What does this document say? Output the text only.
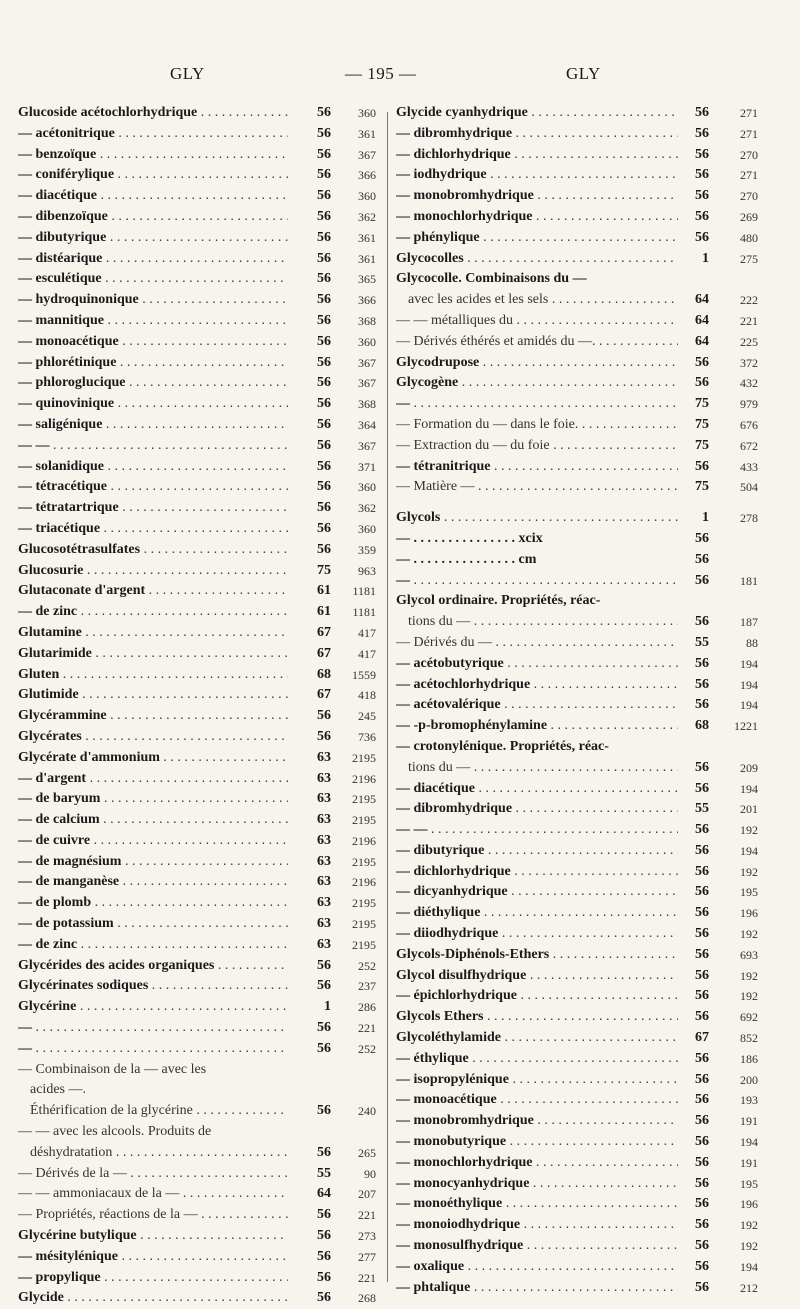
GLY	— 195 —	GLY
Glucoside acétochlorhydrique . . .	56	360
— acétonitrique . . .	56	361
— benzoïque . . .	56	367
— coniférylique . . .	56	366
— diacétique . . .	56	360
— dibenzoïque . . .	56	362
— dibutyrique . . .	56	361
— distéarique . . .	56	361
— esculétique . . .	56	365
— hydroquinonique . . .	56	366
— mannitique . . .	56	368
— monoacétique . . .	56	360
— phlorétinique . . .	56	367
— phloroglucique . . .	56	367
— quinovinique . . .	56	368
— saligénique . . .	56	364
— — . . .	56	367
— solanidique . . .	56	371
— tétracétique . . .	56	360
— tétratartrique . . .	56	362
— triacétique . . .	56	360
Glucosotétrasulfates . . .	56	359
Glucosurie . . .	75	963
Glutaconate d'argent . . .	61	1181
— de zinc . . .	61	1181
Glutamine . . .	67	417
Glutarimide . . .	67	417
Gluten . . .	68	1559
Glutimide . . .	67	418
Glycérammine . . .	56	245
Glycérates . . .	56	736
Glycérate d'ammonium . . .	63	2195
— d'argent . . .	63	2196
— de baryum . . .	63	2195
— de calcium . . .	63	2195
— de cuivre . . .	63	2196
— de magnésium . . .	63	2195
— de manganèse . . .	63	2196
— de plomb . . .	63	2195
— de potassium . . .	63	2195
— de zinc . . .	63	2195
Glycérides des acides organiques . . .	56	252
Glycérinates sodiques . . .	56	237
Glycérine . . .	1	286
— . . .	56	221
— . . .	56	252
— Combinaison de la — avec les
acides —.
Éthérification de la glycérine . . .	56	240
— — avec les alcools. Produits de
déshydratation . . .	56	265
— Dérivés de la — . . .	55	90
— — ammoniacaux de la — . . .	64	207
— Propriétés, réactions de la — . . .	56	221
Glycérine butylique . . .	56	273
— mésitylénique . . .	56	277
— propylique . . .	56	221
Glycide . . .	56	268
Glycide cyanhydrique . . .	56	271
— dibromhydrique . . .	56	271
— dichlorhydrique . . .	56	270
— iodhydrique . . .	56	271
— monobromhydrique . . .	56	270
— monochlorhydrique . . .	56	269
— phénylique . . .	56	480
Glycocolles . . .	1	275
Glycocolle. Combinaisons du —
avec les acides et les sels . . .	64	222
— — métalliques du . . .	64	221
— Dérivés éthérés et amidés du —. . . .	64	225
Glycodrupose . . .	56	372
Glycogène . . .	56	432
— . . .	75	979
— Formation du — dans le foie. . . .	75	676
— Extraction du — du foie . . .	75	672
— tétranitrique . . .	56	433
— Matière — . . .	75	504
Glycols . . .	1	278
— . . . . . . . . . . . . . . . xcix	56
— . . . . . . . . . . . . . . . cm	56
— . . .	56	181
Glycol ordinaire. Propriétés, réac-
tions du — . . .	56	187
— Dérivés du — . . .	55	88
— acétobutyrique . . .	56	194
— acétochlorhydrique . . .	56	194
— acétovalérique . . .	56	194
— -p-bromophénylamine . . .	68	1221
— crotonylénique. Propriétés, réac-
tions du — . . .	56	209
— diacétique . . .	56	194
— dibromhydrique . . .	55	201
— — . . .	56	192
— dibutyrique . . .	56	194
— dichlorhydrique . . .	56	192
— dicyanhydrique . . .	56	195
— diéthylique . . .	56	196
— diiodhydrique . . .	56	192
Glycols-Diphénols-Ethers . . .	56	693
Glycol disulfhydrique . . .	56	192
— épichlorhydrique . . .	56	192
Glycols Ethers . . .	56	692
Glycoléthylamide . . .	67	852
— éthylique . . .	56	186
— isopropylénique . . .	56	200
— monoacétique . . .	56	193
— monobromhydrique . . .	56	191
— monobutyrique . . .	56	194
— monochlorhydrique . . .	56	191
— monocyanhydrique . . .	56	195
— monoéthylique . . .	56	196
— monoiodhydrique . . .	56	192
— monosulfhydrique . . .	56	192
— oxalique . . .	56	194
— phtalique . . .	56	212
